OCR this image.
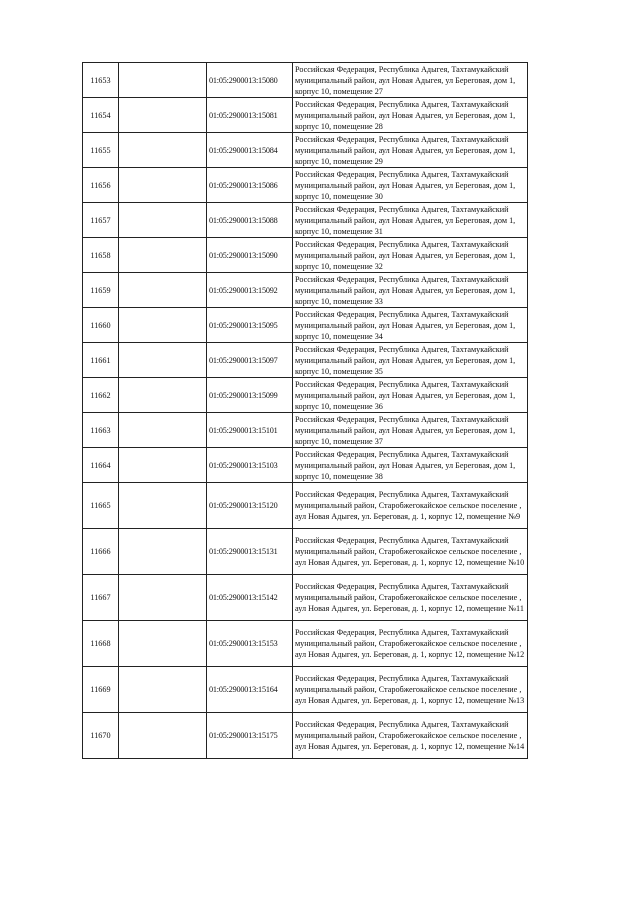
11653		01:05:2900013:15080	Российская Федерация, Республика Адыгея, Тахтамукайский муниципальный район, аул Новая Адыгея, ул Береговая, дом 1, корпус 10, помещение 27
11654		01:05:2900013:15081	Российская Федерация, Республика Адыгея, Тахтамукайский муниципальный район, аул Новая Адыгея, ул Береговая, дом 1, корпус 10, помещение 28
11655		01:05:2900013:15084	Российская Федерация, Республика Адыгея, Тахтамукайский муниципальный район, аул Новая Адыгея, ул Береговая, дом 1, корпус 10, помещение 29
11656		01:05:2900013:15086	Российская Федерация, Республика Адыгея, Тахтамукайский муниципальный район, аул Новая Адыгея, ул Береговая, дом 1, корпус 10, помещение 30
11657		01:05:2900013:15088	Российская Федерация, Республика Адыгея, Тахтамукайский муниципальный район, аул Новая Адыгея, ул Береговая, дом 1, корпус 10, помещение 31
11658		01:05:2900013:15090	Российская Федерация, Республика Адыгея, Тахтамукайский муниципальный район, аул Новая Адыгея, ул Береговая, дом 1, корпус 10, помещение 32
11659		01:05:2900013:15092	Российская Федерация, Республика Адыгея, Тахтамукайский муниципальный район, аул Новая Адыгея, ул Береговая, дом 1, корпус 10, помещение 33
11660		01:05:2900013:15095	Российская Федерация, Республика Адыгея, Тахтамукайский муниципальный район, аул Новая Адыгея, ул Береговая, дом 1, корпус 10, помещение 34
11661		01:05:2900013:15097	Российская Федерация, Республика Адыгея, Тахтамукайский муниципальный район, аул Новая Адыгея, ул Береговая, дом 1, корпус 10, помещение 35
11662		01:05:2900013:15099	Российская Федерация, Республика Адыгея, Тахтамукайский муниципальный район, аул Новая Адыгея, ул Береговая, дом 1, корпус 10, помещение 36
11663		01:05:2900013:15101	Российская Федерация, Республика Адыгея, Тахтамукайский муниципальный район, аул Новая Адыгея, ул Береговая, дом 1, корпус 10, помещение 37
11664		01:05:2900013:15103	Российская Федерация, Республика Адыгея, Тахтамукайский муниципальный район, аул Новая Адыгея, ул Береговая, дом 1, корпус 10, помещение 38
11665		01:05:2900013:15120	Российская Федерация, Республика Адыгея, Тахтамукайский муниципальный район, Старобжегокайское сельское поселение , аул Новая Адыгея, ул. Береговая, д. 1, корпус 12, помещение №9
11666		01:05:2900013:15131	Российская Федерация, Республика Адыгея, Тахтамукайский муниципальный район, Старобжегокайское сельское поселение , аул Новая Адыгея, ул. Береговая, д. 1, корпус 12, помещение №10
11667		01:05:2900013:15142	Российская Федерация, Республика Адыгея, Тахтамукайский муниципальный район, Старобжегокайское сельское поселение , аул Новая Адыгея, ул. Береговая, д. 1, корпус 12, помещение №11
11668		01:05:2900013:15153	Российская Федерация, Республика Адыгея, Тахтамукайский муниципальный район, Старобжегокайское сельское поселение , аул Новая Адыгея, ул. Береговая, д. 1, корпус 12, помещение №12
11669		01:05:2900013:15164	Российская Федерация, Республика Адыгея, Тахтамукайский муниципальный район, Старобжегокайское сельское поселение , аул Новая Адыгея, ул. Береговая, д. 1, корпус 12, помещение №13
11670		01:05:2900013:15175	Российская Федерация, Республика Адыгея, Тахтамукайский муниципальный район, Старобжегокайское сельское поселение , аул Новая Адыгея, ул. Береговая, д. 1, корпус 12, помещение №14
